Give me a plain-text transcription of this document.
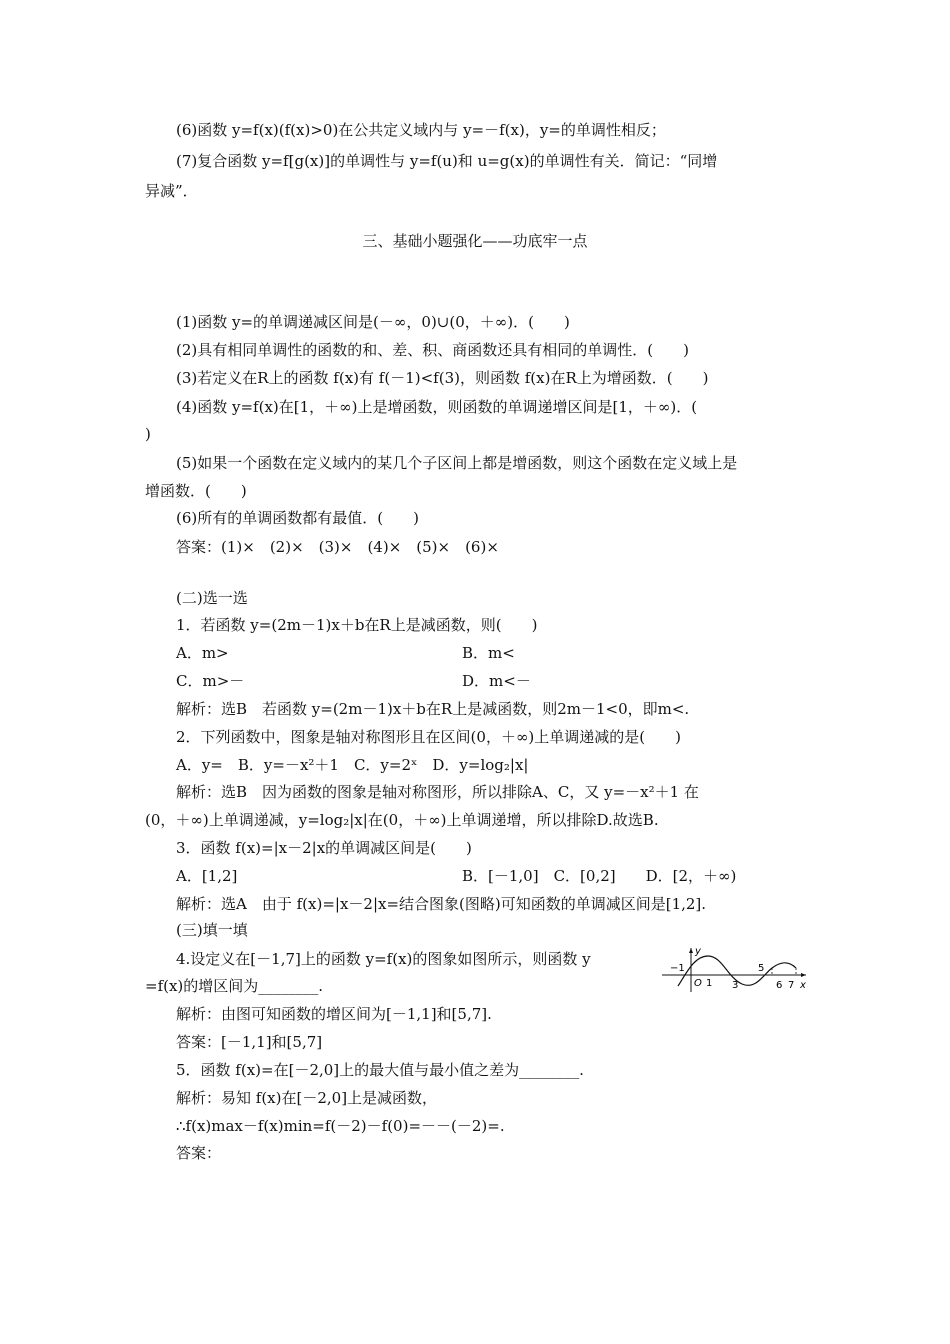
(6)函数 y=f(x)(f(x)>0)在公共定义域内与 y=－f(x)，y=的单调性相反；
(7)复合函数 y=f[g(x)]的单调性与 y=f(u)和 u=g(x)的单调性有关．简记：“同增
异减”．
三、基础小题强化——功底牢一点
(1)函数 y=的单调递减区间是(－∞，0)∪(0，＋∞)．(　　)
(2)具有相同单调性的函数的和、差、积、商函数还具有相同的单调性．(　　)
(3)若定义在R上的函数 f(x)有 f(－1)<f(3)，则函数 f(x)在R上为增函数．(　　)
(4)函数 y=f(x)在[1，＋∞)上是增函数，则函数的单调递增区间是[1，＋∞)．(
)
(5)如果一个函数在定义域内的某几个子区间上都是增函数，则这个函数在定义域上是
增函数．(　　)
(6)所有的单调函数都有最值．(　　)
答案：(1)×　(2)×　(3)×　(4)×　(5)×　(6)×
(二)选一选
1．若函数 y=(2m－1)x＋b在R上是减函数，则(　　)
A．m>	B．m<
C．m>－	D．m<－
解析：选B　若函数 y=(2m－1)x＋b在R上是减函数，则2m－1<0，即m<.
2．下列函数中，图象是轴对称图形且在区间(0，＋∞)上单调递减的是(　　)
A．y=　B．y=－x²＋1　C．y=2ˣ　D．y=log₂|x|
解析：选B　因为函数的图象是轴对称图形，所以排除A、C，又 y=－x²＋1 在
(0，＋∞)上单调递减，y=log₂|x|在(0，＋∞)上单调递增，所以排除D.故选B.
3．函数 f(x)=|x－2|x的单调减区间是(　　)
A．[1,2]	B．[－1,0]　C．[0,2]　　D．[2，＋∞)
解析：选A　由于 f(x)=|x－2|x=结合图象(图略)可知函数的单调减区间是[1,2].
(三)填一填
4.设定义在[－1,7]上的函数 y=f(x)的图象如图所示，则函数 y
=f(x)的增区间为________.
解析：由图可知函数的增区间为[－1,1]和[5,7].
答案：[－1,1]和[5,7]
5．函数 f(x)=在[－2,0]上的最大值与最小值之差为________.
解析：易知 f(x)在[－2,0]上是减函数，
∴f(x)max－f(x)min=f(－2)－f(0)=－－(－2)=.
答案：
y
x
O
−1
1 3
5
6 7
